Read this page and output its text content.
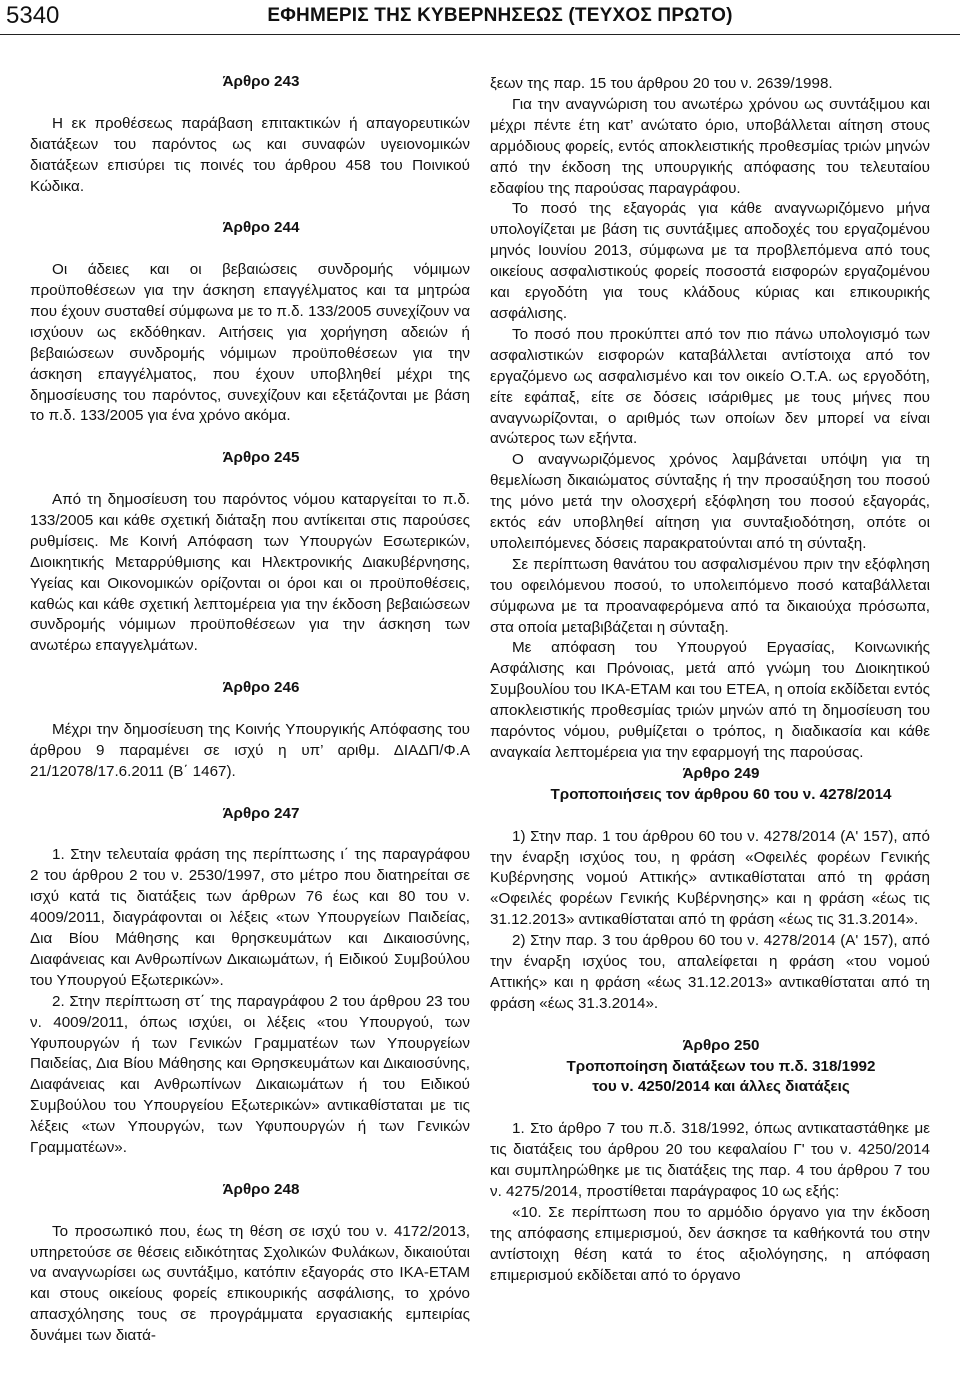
5340	ΕΦΗΜΕΡΙΣ ΤΗΣ ΚΥΒΕΡΝΗΣΕΩΣ (ΤΕΥΧΟΣ ΠΡΩΤΟ)

Άρθρο 243

Η εκ προθέσεως παράβαση επιτακτικών ή απαγορευτικών διατάξεων του παρόντος ως και συναφών υγειονομικών διατάξεων επισύρει τις ποινές του άρθρου 458 του Ποινικού Κώδικα.

Άρθρο 244

Οι άδειες και οι βεβαιώσεις συνδρομής νόμιμων προϋποθέσεων για την άσκηση επαγγέλματος και τα μητρώα που έχουν συσταθεί σύμφωνα με το π.δ. 133/2005 συνεχίζουν να ισχύουν ως εκδόθηκαν. Αιτήσεις για χορήγηση αδειών ή βεβαιώσεων συνδρομής νόμιμων προϋποθέσεων για την άσκηση επαγγέλματος, που έχουν υποβληθεί μέχρι της δημοσίευσης του παρόντος, συνεχίζουν και εξετάζονται με βάση το π.δ. 133/2005 για ένα χρόνο ακόμα.

Άρθρο 245

Από τη δημοσίευση του παρόντος νόμου καταργείται το π.δ. 133/2005 και κάθε σχετική διάταξη που αντίκειται στις παρούσες ρυθμίσεις. Με Κοινή Απόφαση των Υπουργών Εσωτερικών, Διοικητικής Μεταρρύθμισης και Ηλεκτρονικής Διακυβέρνησης, Υγείας και Οικονομικών ορίζονται οι όροι και οι προϋποθέσεις, καθώς και κάθε σχετική λεπτομέρεια για την έκδοση βεβαιώσεων συνδρομής νόμιμων προϋποθέσεων για την άσκηση των ανωτέρω επαγγελμάτων.

Άρθρο 246

Μέχρι την δημοσίευση της Κοινής Υπουργικής Απόφασης του άρθρου 9 παραμένει σε ισχύ η υπ’ αριθμ. ΔΙΑΔΠ/Φ.Α 21/12078/17.6.2011 (Β΄ 1467).

Άρθρο 247

1. Στην τελευταία φράση της περίπτωσης ι΄ της παραγράφου 2 του άρθρου 2 του ν. 2530/1997, στο μέτρο που διατηρείται σε ισχύ κατά τις διατάξεις των άρθρων 76 έως και 80 του ν. 4009/2011, διαγράφονται οι λέξεις «των Υπουργείων Παιδείας, Δια Βίου Μάθησης και θρησκευμάτων και Δικαιοσύνης, Διαφάνειας και Ανθρωπίνων Δικαιωμάτων, ή Ειδικού Συμβούλου του Υπουργού Εξωτερικών».

2. Στην περίπτωση στ΄ της παραγράφου 2 του άρθρου 23 του ν. 4009/2011, όπως ισχύει, οι λέξεις «του Υπουργού, των Υφυπουργών ή των Γενικών Γραμματέων των Υπουργείων Παιδείας, Δια Βίου Μάθησης και Θρησκευμάτων και Δικαιοσύνης, Διαφάνειας και Ανθρωπίνων Δικαιωμάτων ή του Ειδικού Συμβούλου του Υπουργείου Εξωτερικών» αντικαθίσταται με τις λέξεις «των Υπουργών, των Υφυπουργών ή των Γενικών Γραμματέων».

Άρθρο 248

Το προσωπικό που, έως τη θέση σε ισχύ του ν. 4172/2013, υπηρετούσε σε θέσεις ειδικότητας Σχολικών Φυλάκων, δικαιούται να αναγνωρίσει ως συντάξιμο, κατόπιν εξαγοράς στο ΙΚΑ-ΕΤΑΜ και στους οικείους φορείς επικουρικής ασφάλισης, το χρόνο απασχόλησης τους σε προγράμματα εργασιακής εμπειρίας δυνάμει των διατά-

ξεων της παρ. 15 του άρθρου 20 του ν. 2639/1998.

Για την αναγνώριση του ανωτέρω χρόνου ως συντάξιμου και μέχρι πέντε έτη κατ’ ανώτατο όριο, υποβάλλεται αίτηση στους αρμόδιους φορείς, εντός αποκλειστικής προθεσμίας τριών μηνών από την έκδοση της υπουργικής απόφασης του τελευταίου εδαφίου της παρούσας παραγράφου.

Το ποσό της εξαγοράς για κάθε αναγνωριζόμενο μήνα υπολογίζεται με βάση τις συντάξιμες αποδοχές του εργαζομένου μηνός Ιουνίου 2013, σύμφωνα με τα προβλεπόμενα από τους οικείους ασφαλιστικούς φορείς ποσοστά εισφορών εργαζομένου και εργοδότη για τους κλάδους κύριας και επικουρικής ασφάλισης.

Το ποσό που προκύπτει από τον πιο πάνω υπολογισμό των ασφαλιστικών εισφορών καταβάλλεται αντίστοιχα από τον εργαζόμενο ως ασφαλισμένο και τον οικείο Ο.Τ.Α. ως εργοδότη, είτε εφάπαξ, είτε σε δόσεις ισάριθμες με τους μήνες που αναγνωρίζονται, ο αριθμός των οποίων δεν μπορεί να είναι ανώτερος των εξήντα.

Ο αναγνωριζόμενος χρόνος λαμβάνεται υπόψη για τη θεμελίωση δικαιώματος σύνταξης ή την προσαύξηση του ποσού της μόνο μετά την ολοσχερή εξόφληση του ποσού εξαγοράς, εκτός εάν υποβληθεί αίτηση για συνταξιοδότηση, οπότε οι υπολειπόμενες δόσεις παρακρατούνται από τη σύνταξη.

Σε περίπτωση θανάτου του ασφαλισμένου πριν την εξόφληση του οφειλόμενου ποσού, το υπολειπόμενο ποσό καταβάλλεται σύμφωνα με τα προαναφερόμενα από τα δικαιούχα πρόσωπα, στα οποία μεταβιβάζεται η σύνταξη.

Με απόφαση του Υπουργού Εργασίας, Κοινωνικής Ασφάλισης και Πρόνοιας, μετά από γνώμη του Διοικητικού Συμβουλίου του ΙΚΑ-ΕΤΑΜ και του ΕΤΕΑ, η οποία εκδίδεται εντός αποκλειστικής προθεσμίας τριών μηνών από τη δημοσίευση του παρόντος νόμου, ρυθμίζεται ο τρόπος, η διαδικασία και κάθε αναγκαία λεπτομέρεια για την εφαρμογή της παρούσας.

Άρθρο 249

Τροποποιήσεις τον άρθρου 60 του ν. 4278/2014

1) Στην παρ. 1 του άρθρου 60 του ν. 4278/2014 (Α' 157), από την έναρξη ισχύος του, η φράση «Οφειλές φορέων Γενικής Κυβέρνησης νομού Αττικής» αντικαθίσταται από τη φράση «Οφειλές φορέων Γενικής Κυβέρνησης» και η φράση «έως τις 31.12.2013» αντικαθίσταται από τη φράση «έως τις 31.3.2014».

2) Στην παρ. 3 του άρθρου 60 του ν. 4278/2014 (Α' 157), από την έναρξη ισχύος του, απαλείφεται η φράση «του νομού Αττικής» και η φράση «έως 31.12.2013» αντικαθίσταται από τη φράση «έως 31.3.2014».

Άρθρο 250

Τροποποίηση διατάξεων του π.δ. 318/1992

του ν. 4250/2014 και άλλες διατάξεις

1. Στο άρθρο 7 του π.δ. 318/1992, όπως αντικαταστάθηκε με τις διατάξεις του άρθρου 20 του κεφαλαίου Γ' του ν. 4250/2014 και συμπληρώθηκε με τις διατάξεις της παρ. 4 του άρθρου 7 του ν. 4275/2014, προστίθεται παράγραφος 10 ως εξής:

«10. Σε περίπτωση που το αρμόδιο όργανο για την έκδοση της απόφασης επιμερισμού, δεν άσκησε τα καθήκοντά του στην αντίστοιχη θέση κατά το έτος αξιολόγησης, η απόφαση επιμερισμού εκδίδεται από το όργανο
